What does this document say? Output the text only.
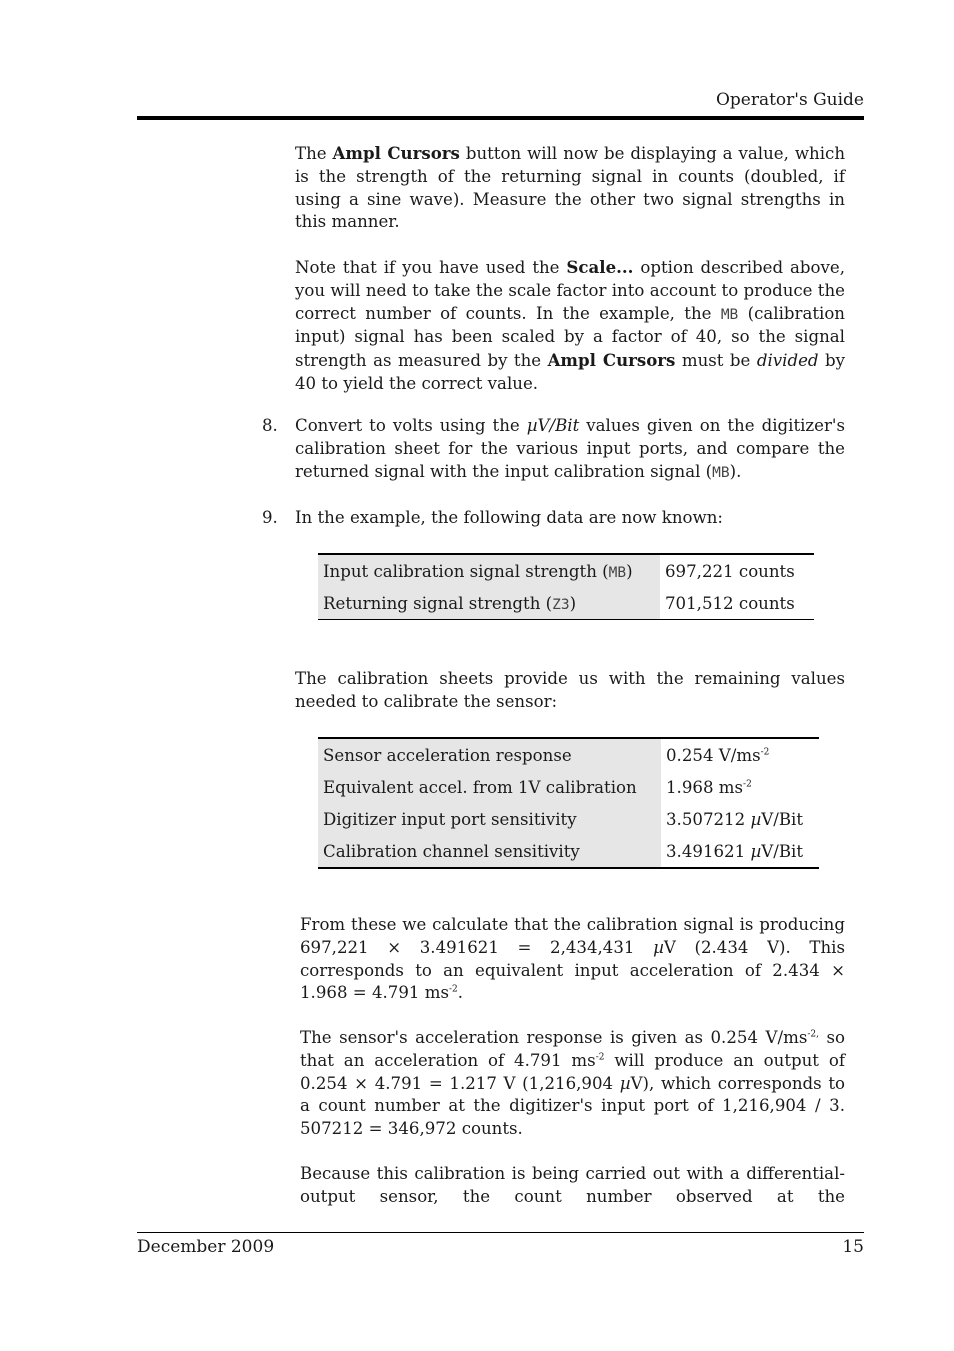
Operator's Guide

The Ampl Cursors button will now be displaying a value, which is the strength of the returning signal in counts (doubled, if using a sine wave). Measure the other two signal strengths in this manner.

Note that if you have used the Scale... option described above, you will need to take the scale factor into account to produce the correct number of counts. In the example, the MB (calibration input) signal has been scaled by a factor of 40, so the signal strength as measured by the Ampl Cursors must be divided by 40 to yield the correct value.

8. Convert to volts using the µV/Bit values given on the digitizer's calibration sheet for the various input ports, and compare the returned signal with the input calibration signal (MB).

9. In the example, the following data are now known:

Input calibration signal strength (MB)	697,221 counts
Returning signal strength (Z3)	701,512 counts

The calibration sheets provide us with the remaining values needed to calibrate the sensor:

Sensor acceleration response	0.254 $V/ms^{-2}$
Equivalent accel. from 1V calibration	1.968 $ms^{-2}$
Digitizer input port sensitivity	3.507212 µV/Bit
Calibration channel sensitivity	3.491621 µV/Bit

From these we calculate that the calibration signal is producing 697,221 × 3.491621 = 2,434,431 µV (2.434 V). This corresponds to an equivalent input acceleration of 2.434 × 1.968 = 4.791 $ms^{-2}$.

The sensor's acceleration response is given as 0.254 $V/ms^{-2,}$ so that an acceleration of 4.791 $ms^{-2}$ will produce an output of 0.254 × 4.791 = 1.217 V (1,216,904 µV), which corresponds to a count number at the digitizer's input port of 1,216,904 / 3. 507212 = 346,972 counts.

Because this calibration is being carried out with a differential-output sensor, the count number observed at the

December 2009	15
